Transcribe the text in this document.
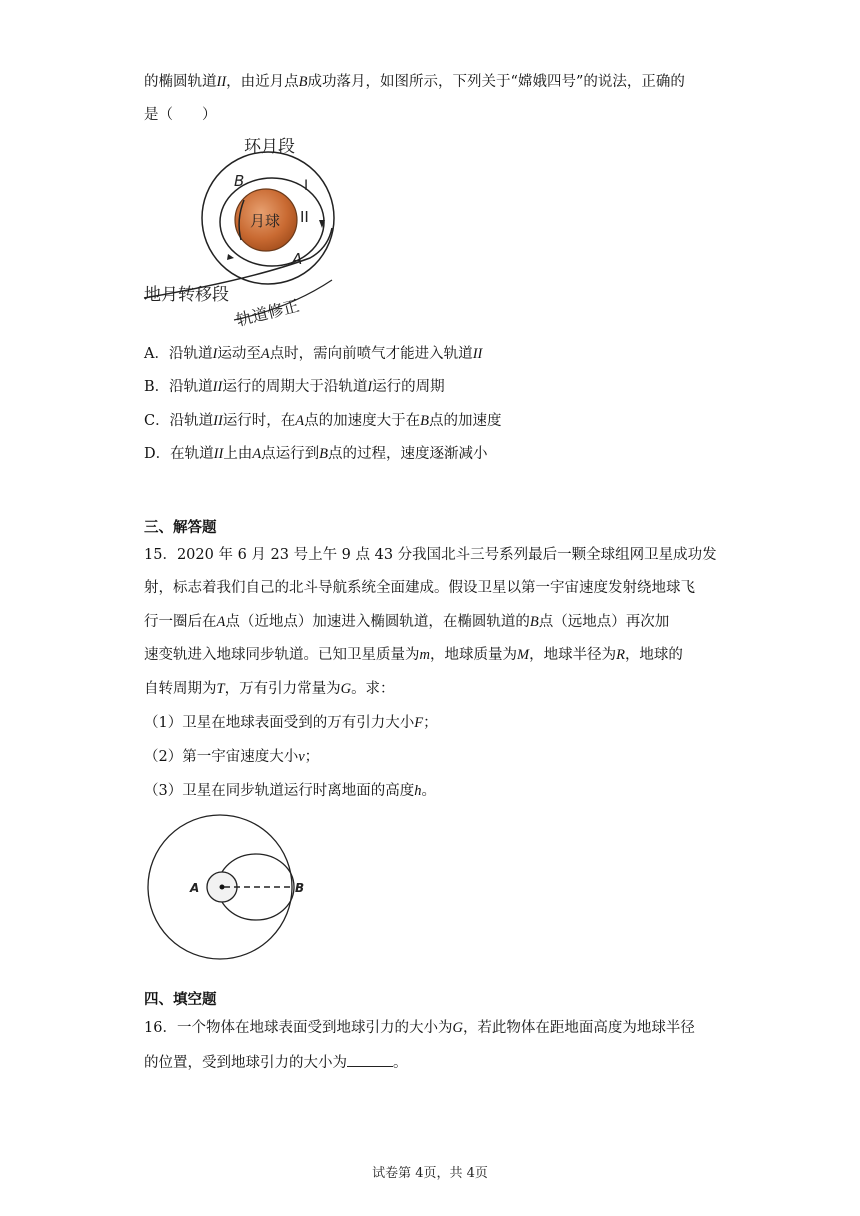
的椭圆轨道II，由近月点B成功落月，如图所示，下列关于“嫦娥四号”的说法，正确的
是（　　）
环月段
月球
B
A
I
II
地月转移段
轨道修正
A．沿轨道I运动至A点时，需向前喷气才能进入轨道II
B．沿轨道II运行的周期大于沿轨道I运行的周期
C．沿轨道II运行时，在A点的加速度大于在B点的加速度
D．在轨道II上由A点运行到B点的过程，速度逐渐减小
三、解答题
15．2020 年 6 月 23 号上午 9 点 43 分我国北斗三号系列最后一颗全球组网卫星成功发
射，标志着我们自己的北斗导航系统全面建成。假设卫星以第一宇宙速度发射绕地球飞
行一圈后在A点（近地点）加速进入椭圆轨道，在椭圆轨道的B点（远地点）再次加
速变轨进入地球同步轨道。已知卫星质量为m，地球质量为M，地球半径为R，地球的
自转周期为T，万有引力常量为G。求：
（1）卫星在地球表面受到的万有引力大小F；
（2）第一宇宙速度大小v；
（3）卫星在同步轨道运行时离地面的高度h。
A	B
四、填空题
16．一个物体在地球表面受到地球引力的大小为G，若此物体在距地面高度为地球半径
的位置，受到地球引力的大小为	。
试卷第 4页，共 4页
